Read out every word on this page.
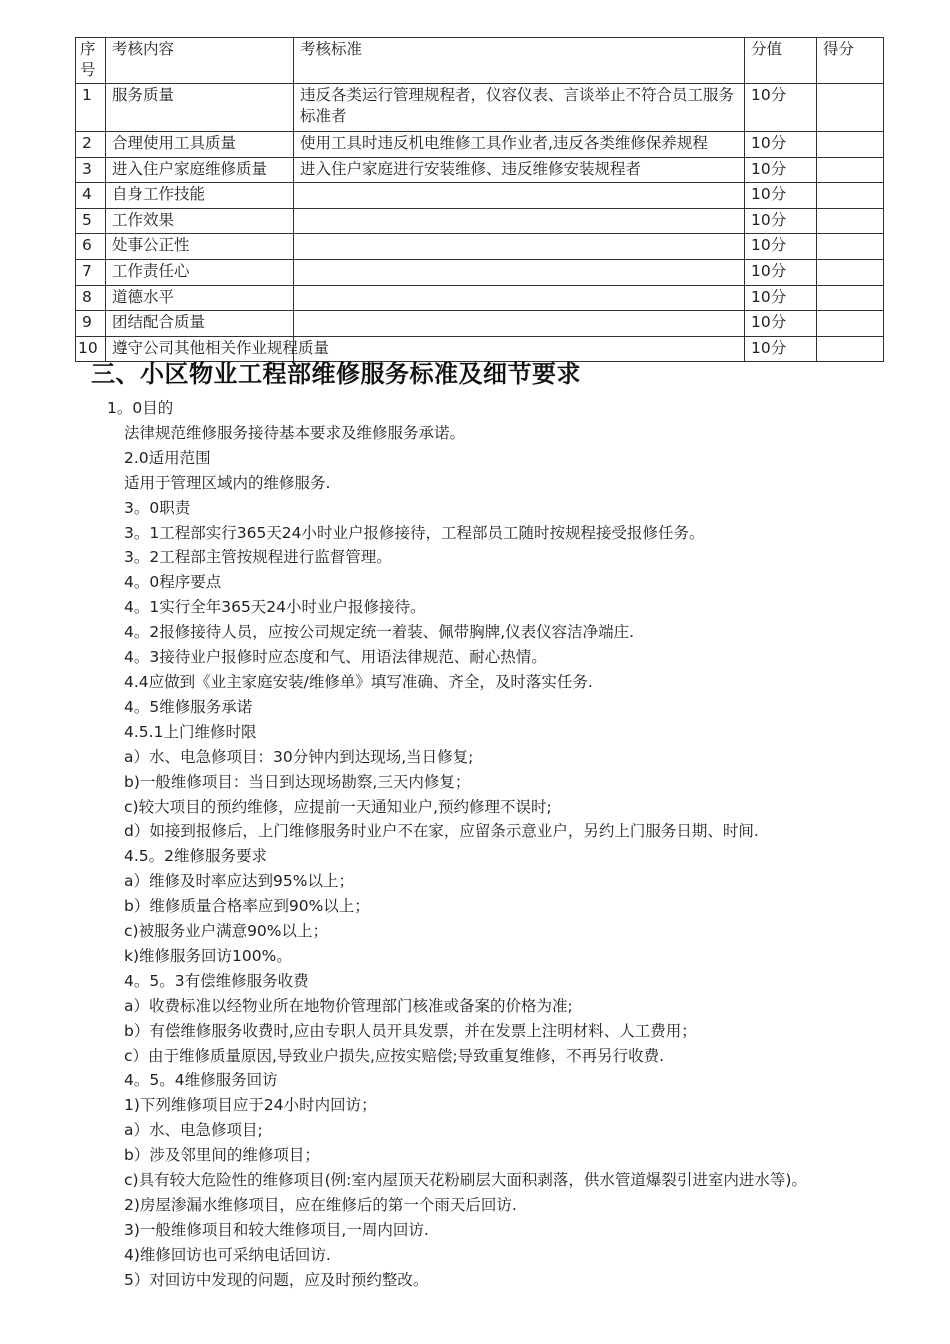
序号	考核内容	考核标准	分值	得分
1	服务质量	违反各类运行管理规程者，仪容仪表、言谈举止不符合员工服务标准者	10分	
2	合理使用工具质量	使用工具时违反机电维修工具作业者,违反各类维修保养规程	10分	
3	进入住户家庭维修质量	进入住户家庭进行安装维修、违反维修安装规程者	10分	
4	自身工作技能		10分	
5	工作效果		10分	
6	处事公正性		10分	
7	工作责任心		10分	
8	道德水平		10分	
9	团结配合质量		10分	
10	遵守公司其他相关作业规程质量		10分	
三、小区物业工程部维修服务标准及细节要求
1。0目的
法律规范维修服务接待基本要求及维修服务承诺。
2.0适用范围
适用于管理区域内的维修服务.
3。0职责
3。1工程部实行365天24小时业户报修接待，工程部员工随时按规程接受报修任务。
3。2工程部主管按规程进行监督管理。
4。0程序要点
4。1实行全年365天24小时业户报修接待。
4。2报修接待人员，应按公司规定统一着装、佩带胸牌,仪表仪容洁净端庄.
4。3接待业户报修时应态度和气、用语法律规范、耐心热情。
4.4应做到《业主家庭安装/维修单》填写准确、齐全，及时落实任务.
4。5维修服务承诺
4.5.1上门维修时限
a）水、电急修项目：30分钟内到达现场,当日修复;
b)一般维修项目：当日到达现场勘察,三天内修复；
c)较大项目的预约维修，应提前一天通知业户,预约修理不误时;
d）如接到报修后，上门维修服务时业户不在家，应留条示意业户，另约上门服务日期、时间.
4.5。2维修服务要求
a）维修及时率应达到95%以上；
b）维修质量合格率应到90%以上；
c)被服务业户满意90%以上；
k)维修服务回访100%。
4。5。3有偿维修服务收费
a）收费标准以经物业所在地物价管理部门核准或备案的价格为准;
b）有偿维修服务收费时,应由专职人员开具发票，并在发票上注明材料、人工费用；
c）由于维修质量原因,导致业户损失,应按实赔偿;导致重复维修，不再另行收费.
4。5。4维修服务回访
1)下列维修项目应于24小时内回访；
a）水、电急修项目;
b）涉及邻里间的维修项目；
c)具有较大危险性的维修项目(例:室内屋顶天花粉刷层大面积剥落，供水管道爆裂引进室内进水等)。
2)房屋渗漏水维修项目，应在维修后的第一个雨天后回访.
3)一般维修项目和较大维修项目,一周内回访.
4)维修回访也可采纳电话回访.
5）对回访中发现的问题，应及时预约整改。
